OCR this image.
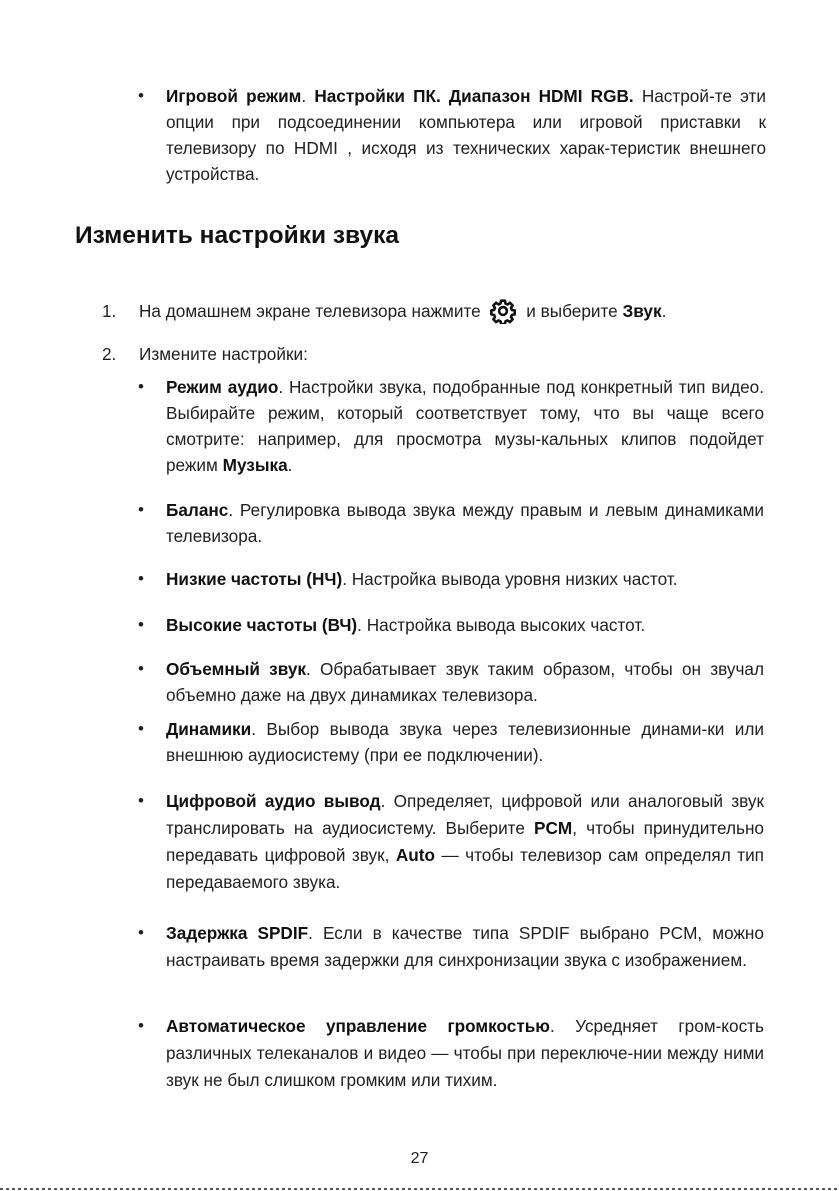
• Игровой режим. Настройки ПК. Диапазон HDMI RGB. Настрой-те эти опции при подсоединении компьютера или игровой приставки к телевизору по HDMI , исходя из технических харак-теристик внешнего устройства.
Изменить настройки звука
1. На домашнем экране телевизора нажмите	и выберите Звук.
2. Измените настройки:
• Режим аудио. Настройки звука, подобранные под конкретный тип видео. Выбирайте режим, который соответствует тому, что вы чаще всего смотрите: например, для просмотра музы-кальных клипов подойдет режим Музыка.
• Баланс. Регулировка вывода звука между правым и левым динамиками телевизора.
• Низкие частоты (НЧ). Настройка вывода уровня низких частот.
• Высокие частоты (ВЧ). Настройка вывода высоких частот.
• Объемный звук. Обрабатывает звук таким образом, чтобы он звучал объемно даже на двух динамиках телевизора.
• Динамики. Выбор вывода звука через телевизионные динами-ки или внешнюю аудиосистему (при ее подключении).
• Цифровой аудио вывод. Определяет, цифровой или аналоговый звук транслировать на аудиосистему. Выберите PCM, чтобы принудительно передавать цифровой звук, Auto — чтобы телевизор сам определял тип передаваемого звука.
• Задержка SPDIF. Если в качестве типа SPDIF выбрано PCM, можно настраивать время задержки для синхронизации звука с изображением.
• Автоматическое управление громкостью. Усредняет гром-кость различных телеканалов и видео — чтобы при переключе-нии между ними звук не был слишком громким или тихим.
27
